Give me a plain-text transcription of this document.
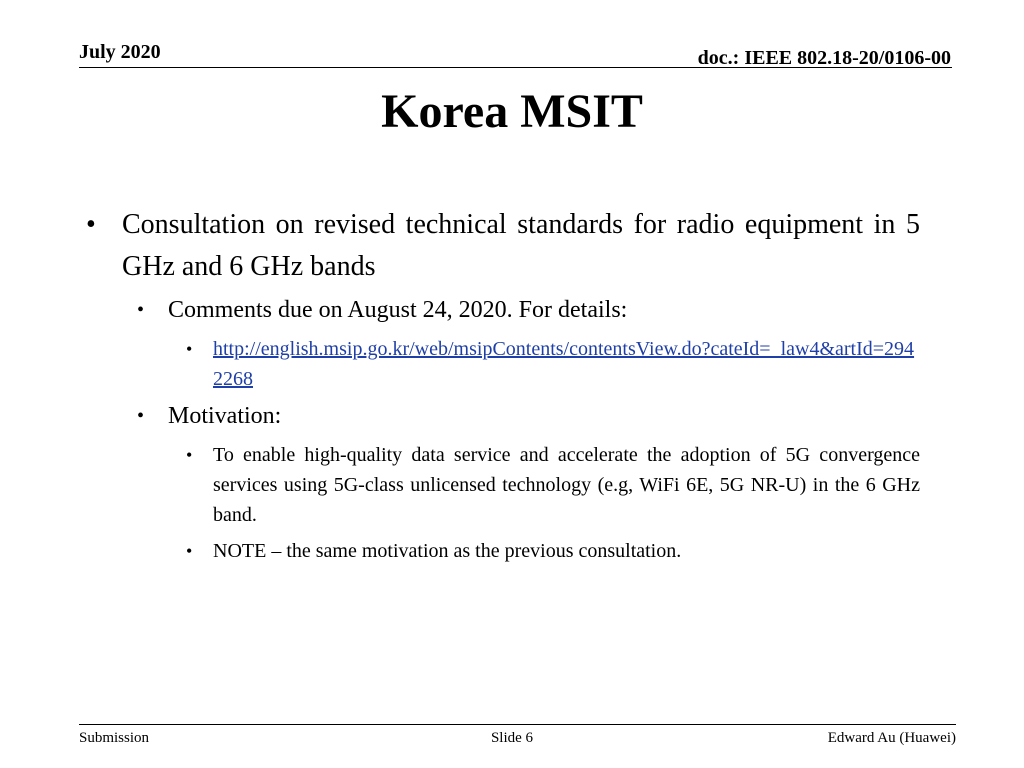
July 2020	doc.: IEEE 802.18-20/0106-00
Korea MSIT
• Consultation on revised technical standards for radio equipment in 5 GHz and 6 GHz bands
• Comments due on August 24, 2020. For details:
• http://english.msip.go.kr/web/msipContents/contentsView.do?cateId=_law4&artId=2942268
• Motivation:
• To enable high-quality data service and accelerate the adoption of 5G convergence services using 5G-class unlicensed technology (e.g, WiFi 6E, 5G NR-U) in the 6 GHz band.
• NOTE – the same motivation as the previous consultation.
Submission	Slide 6	Edward Au (Huawei)
